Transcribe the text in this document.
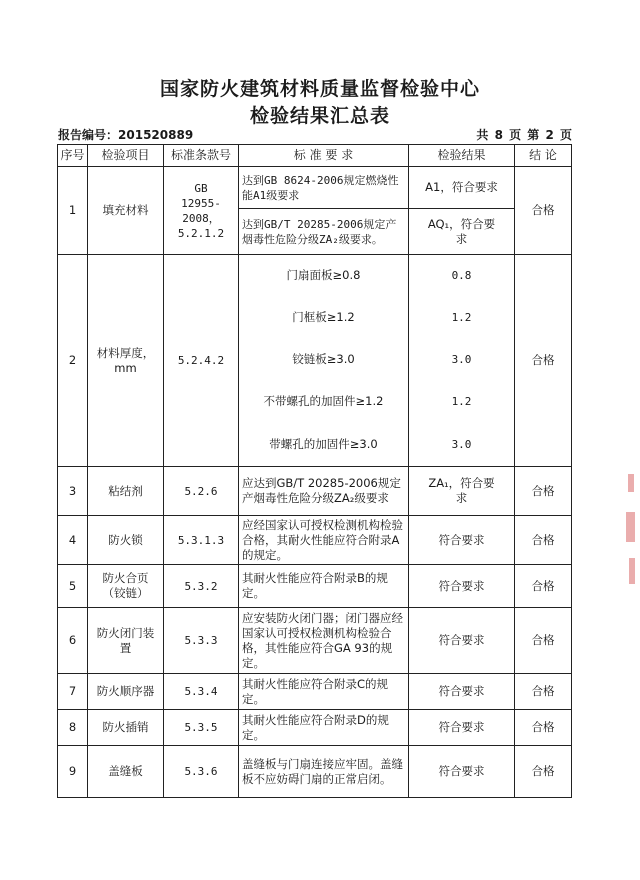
国家防火建筑材料质量监督检验中心
检验结果汇总表
报告编号：201520889	共 8 页 第 2 页
序号	检验项目	标准条款号	标 准 要 求	检验结果	结 论
1	填充材料	GB 12955-2008，5.2.1.2	达到GB 8624-2006规定燃烧性能A1级要求	A1，符合要求	合格
			达到GB/T 20285-2006规定产烟毒性危险分级ZA₂级要求。	AQ₁，符合要求	
2	材料厚度，mm	5.2.4.2	门扇面板≥0.8	0.8	合格
			门框板≥1.2	1.2	
			铰链板≥3.0	3.0	
			不带螺孔的加固件≥1.2	1.2	
			带螺孔的加固件≥3.0	3.0	
3	粘结剂	5.2.6	应达到GB/T 20285-2006规定产烟毒性危险分级ZA₂级要求	ZA₁，符合要求	合格
4	防火锁	5.3.1.3	应经国家认可授权检测机构检验合格，其耐火性能应符合附录A的规定。	符合要求	合格
5	防火合页（铰链）	5.3.2	其耐火性能应符合附录B的规定。	符合要求	合格
6	防火闭门装置	5.3.3	应安装防火闭门器；闭门器应经国家认可授权检测机构检验合格，其性能应符合GA 93的规定。	符合要求	合格
7	防火顺序器	5.3.4	其耐火性能应符合附录C的规定。	符合要求	合格
8	防火插销	5.3.5	其耐火性能应符合附录D的规定。	符合要求	合格
9	盖缝板	5.3.6	盖缝板与门扇连接应牢固。盖缝板不应妨碍门扇的正常启闭。	符合要求	合格
